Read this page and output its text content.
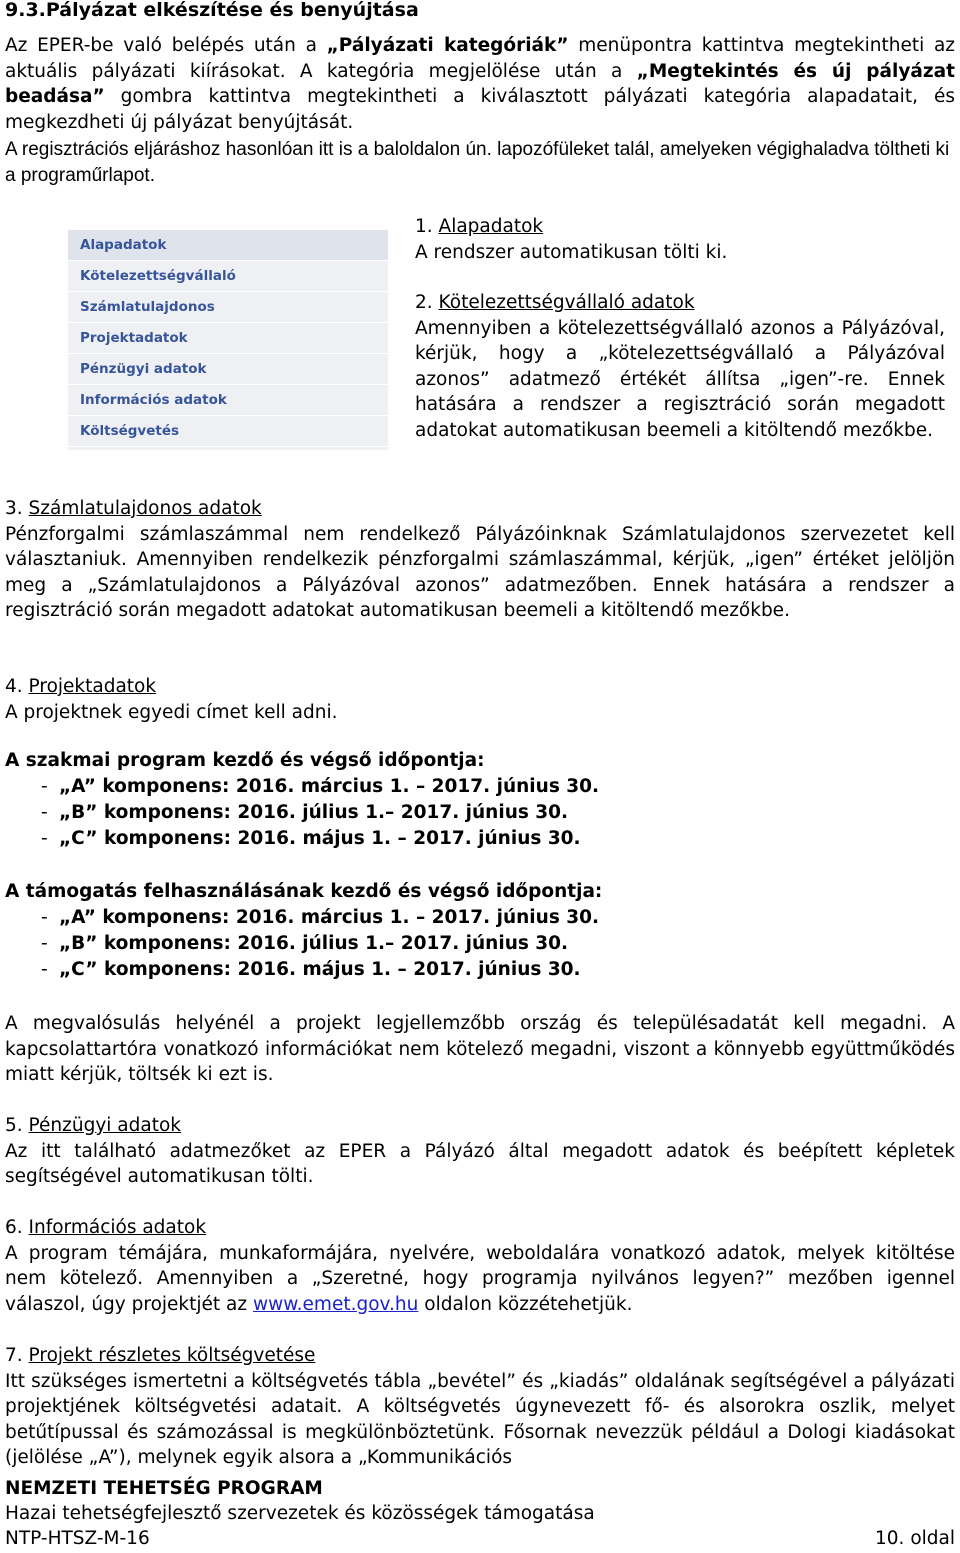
9.3.Pályázat elkészítése és benyújtása
Az EPER-be való belépés után a „Pályázati kategóriák” menüpontra kattintva megtekintheti az aktuális pályázati kiírásokat. A kategória megjelölése után a „Megtekintés és új pályázat beadása” gombra kattintva megtekintheti a kiválasztott pályázati kategória alapadatait, és megkezdheti új pályázat benyújtását.
A regisztrációs eljáráshoz hasonlóan itt is a baloldalon ún. lapozófüleket talál, amelyeken végighaladva töltheti ki a programűrlapot.
Alapadatok
Kötelezettségvállaló
Számlatulajdonos
Projektadatok
Pénzügyi adatok
Információs adatok
Költségvetés
1. Alapadatok
A rendszer automatikusan tölti ki.
2. Kötelezettségvállaló adatok
Amennyiben a kötelezettségvállaló azonos a Pályázóval, kérjük, hogy a „kötelezettségvállaló a Pályázóval azonos” adatmező értékét állítsa „igen”-re. Ennek hatására a rendszer a regisztráció során megadott adatokat automatikusan beemeli a kitöltendő mezőkbe.
3. Számlatulajdonos adatok
Pénzforgalmi számlaszámmal nem rendelkező Pályázóinknak Számlatulajdonos szervezetet kell választaniuk. Amennyiben rendelkezik pénzforgalmi számlaszámmal, kérjük, „igen” értéket jelöljön meg a „Számlatulajdonos a Pályázóval azonos” adatmezőben. Ennek hatására a rendszer a regisztráció során megadott adatokat automatikusan beemeli a kitöltendő mezőkbe.
4. Projektadatok
A projektnek egyedi címet kell adni.
A szakmai program kezdő és végső időpontja:
- „A” komponens: 2016. március 1. – 2017. június 30.
- „B” komponens: 2016. július 1.– 2017. június 30.
- „C” komponens: 2016. május 1. – 2017. június 30.
A támogatás felhasználásának kezdő és végső időpontja:
- „A” komponens: 2016. március 1. – 2017. június 30.
- „B” komponens: 2016. július 1.– 2017. június 30.
- „C” komponens: 2016. május 1. – 2017. június 30.
A megvalósulás helyénél a projekt legjellemzőbb ország és településadatát kell megadni. A kapcsolattartóra vonatkozó információkat nem kötelező megadni, viszont a könnyebb együttműködés miatt kérjük, töltsék ki ezt is.
5. Pénzügyi adatok
Az itt található adatmezőket az EPER a Pályázó által megadott adatok és beépített képletek segítségével automatikusan tölti.
6. Információs adatok
A program témájára, munkaformájára, nyelvére, weboldalára vonatkozó adatok, melyek kitöltése nem kötelező. Amennyiben a „Szeretné, hogy programja nyilvános legyen?” mezőben igennel válaszol, úgy projektjét az www.emet.gov.hu oldalon közzétehetjük.
7. Projekt részletes költségvetése
Itt szükséges ismertetni a költségvetés tábla „bevétel” és „kiadás” oldalának segítségével a pályázati projektjének költségvetési adatait. A költségvetés úgynevezett fő- és alsorokra oszlik, melyet betűtípussal és számozással is megkülönböztetünk. Fősornak nevezzük például a Dologi kiadásokat (jelölése „A”), melynek egyik alsora a „Kommunikációs
NEMZETI TEHETSÉG PROGRAM
Hazai tehetségfejlesztő szervezetek és közösségek támogatása
NTP-HTSZ-M-16	10. oldal
